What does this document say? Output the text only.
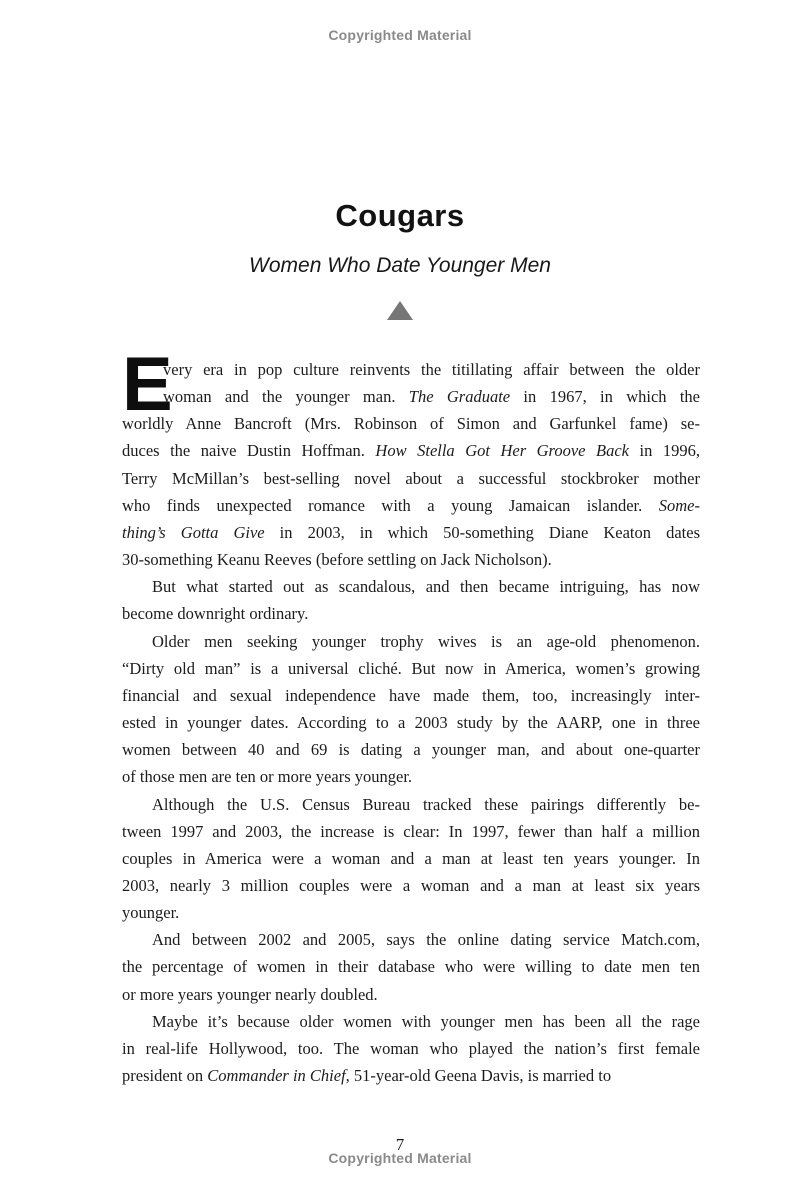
Copyrighted Material
Cougars
Women Who Date Younger Men
E
very era in pop culture reinvents the titillating affair between the older
woman and the younger man. The Graduate in 1967, in which the
worldly Anne Bancroft (Mrs. Robinson of Simon and Garfunkel fame) se-
duces the naive Dustin Hoffman. How Stella Got Her Groove Back in 1996,
Terry McMillan’s best-selling novel about a successful stockbroker mother
who finds unexpected romance with a young Jamaican islander. Some-
thing’s Gotta Give in 2003, in which 50-something Diane Keaton dates
30-something Keanu Reeves (before settling on Jack Nicholson).
But what started out as scandalous, and then became intriguing, has now
become downright ordinary.
Older men seeking younger trophy wives is an age-old phenomenon.
“Dirty old man” is a universal cliché. But now in America, women’s growing
financial and sexual independence have made them, too, increasingly inter-
ested in younger dates. According to a 2003 study by the AARP, one in three
women between 40 and 69 is dating a younger man, and about one-quarter
of those men are ten or more years younger.
Although the U.S. Census Bureau tracked these pairings differently be-
tween 1997 and 2003, the increase is clear: In 1997, fewer than half a million
couples in America were a woman and a man at least ten years younger. In
2003, nearly 3 million couples were a woman and a man at least six years
younger.
And between 2002 and 2005, says the online dating service Match.com,
the percentage of women in their database who were willing to date men ten
or more years younger nearly doubled.
Maybe it’s because older women with younger men has been all the rage
in real-life Hollywood, too. The woman who played the nation’s first female
president on Commander in Chief, 51-year-old Geena Davis, is married to
7
Copyrighted Material
